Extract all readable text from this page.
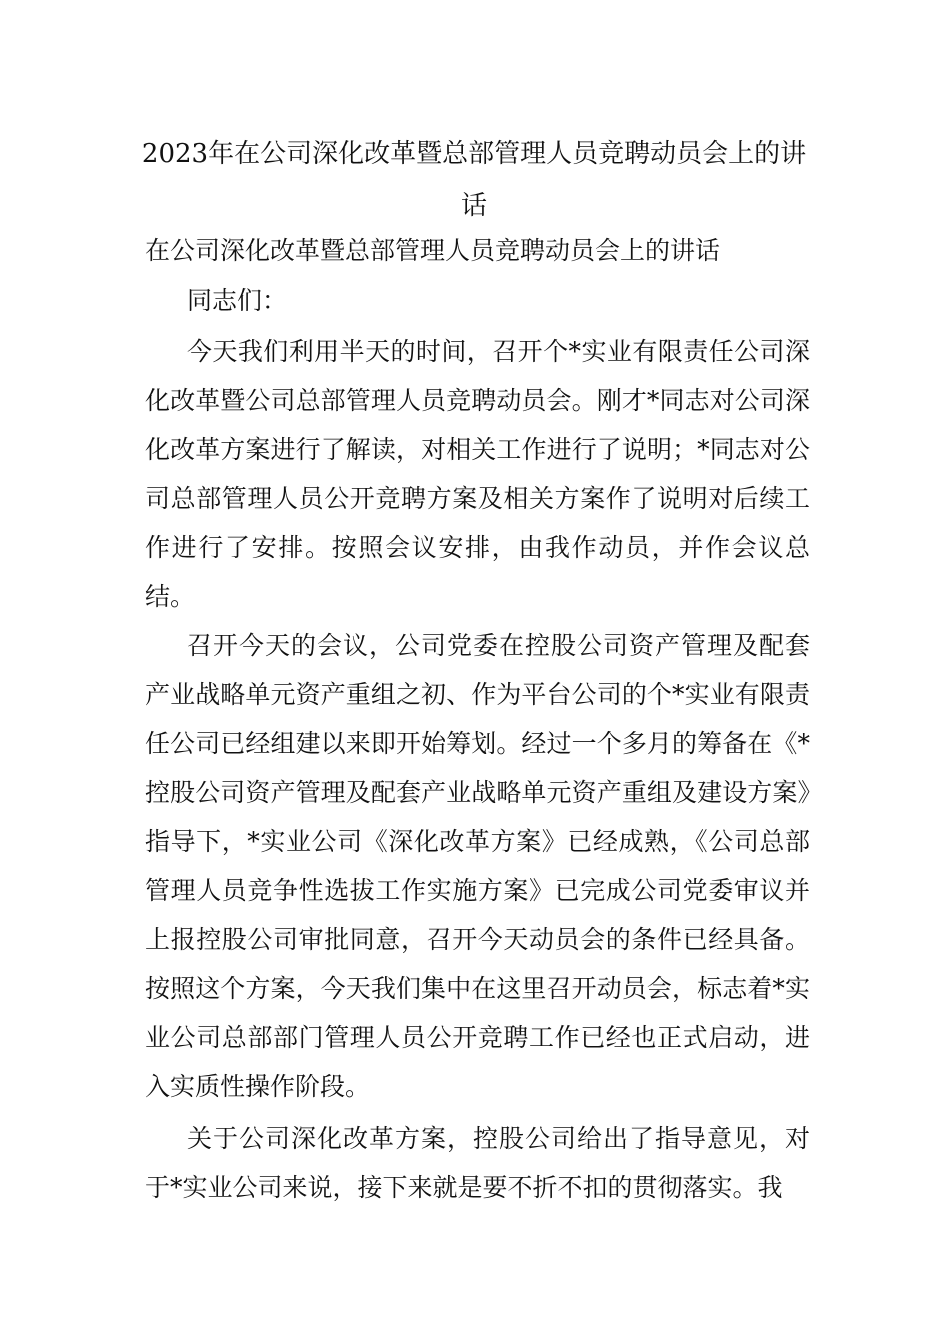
2023年在公司深化改革暨总部管理人员竞聘动员会上的讲话
在公司深化改革暨总部管理人员竞聘动员会上的讲话
同志们：
今天我们利用半天的时间，召开个*实业有限责任公司深化改革暨公司总部管理人员竞聘动员会。刚才*同志对公司深化改革方案进行了解读，对相关工作进行了说明；*同志对公司总部管理人员公开竞聘方案及相关方案作了说明对后续工作进行了安排。按照会议安排，由我作动员，并作会议总结。
召开今天的会议，公司党委在控股公司资产管理及配套产业战略单元资产重组之初、作为平台公司的个*实业有限责任公司已经组建以来即开始筹划。经过一个多月的筹备在《*控股公司资产管理及配套产业战略单元资产重组及建设方案》指导下，*实业公司《深化改革方案》已经成熟，《公司总部管理人员竞争性选拔工作实施方案》已完成公司党委审议并上报控股公司审批同意，召开今天动员会的条件已经具备。按照这个方案，今天我们集中在这里召开动员会，标志着*实业公司总部部门管理人员公开竞聘工作已经也正式启动，进入实质性操作阶段。
关于公司深化改革方案，控股公司给出了指导意见，对于*实业公司来说，接下来就是要不折不扣的贯彻落实。我
